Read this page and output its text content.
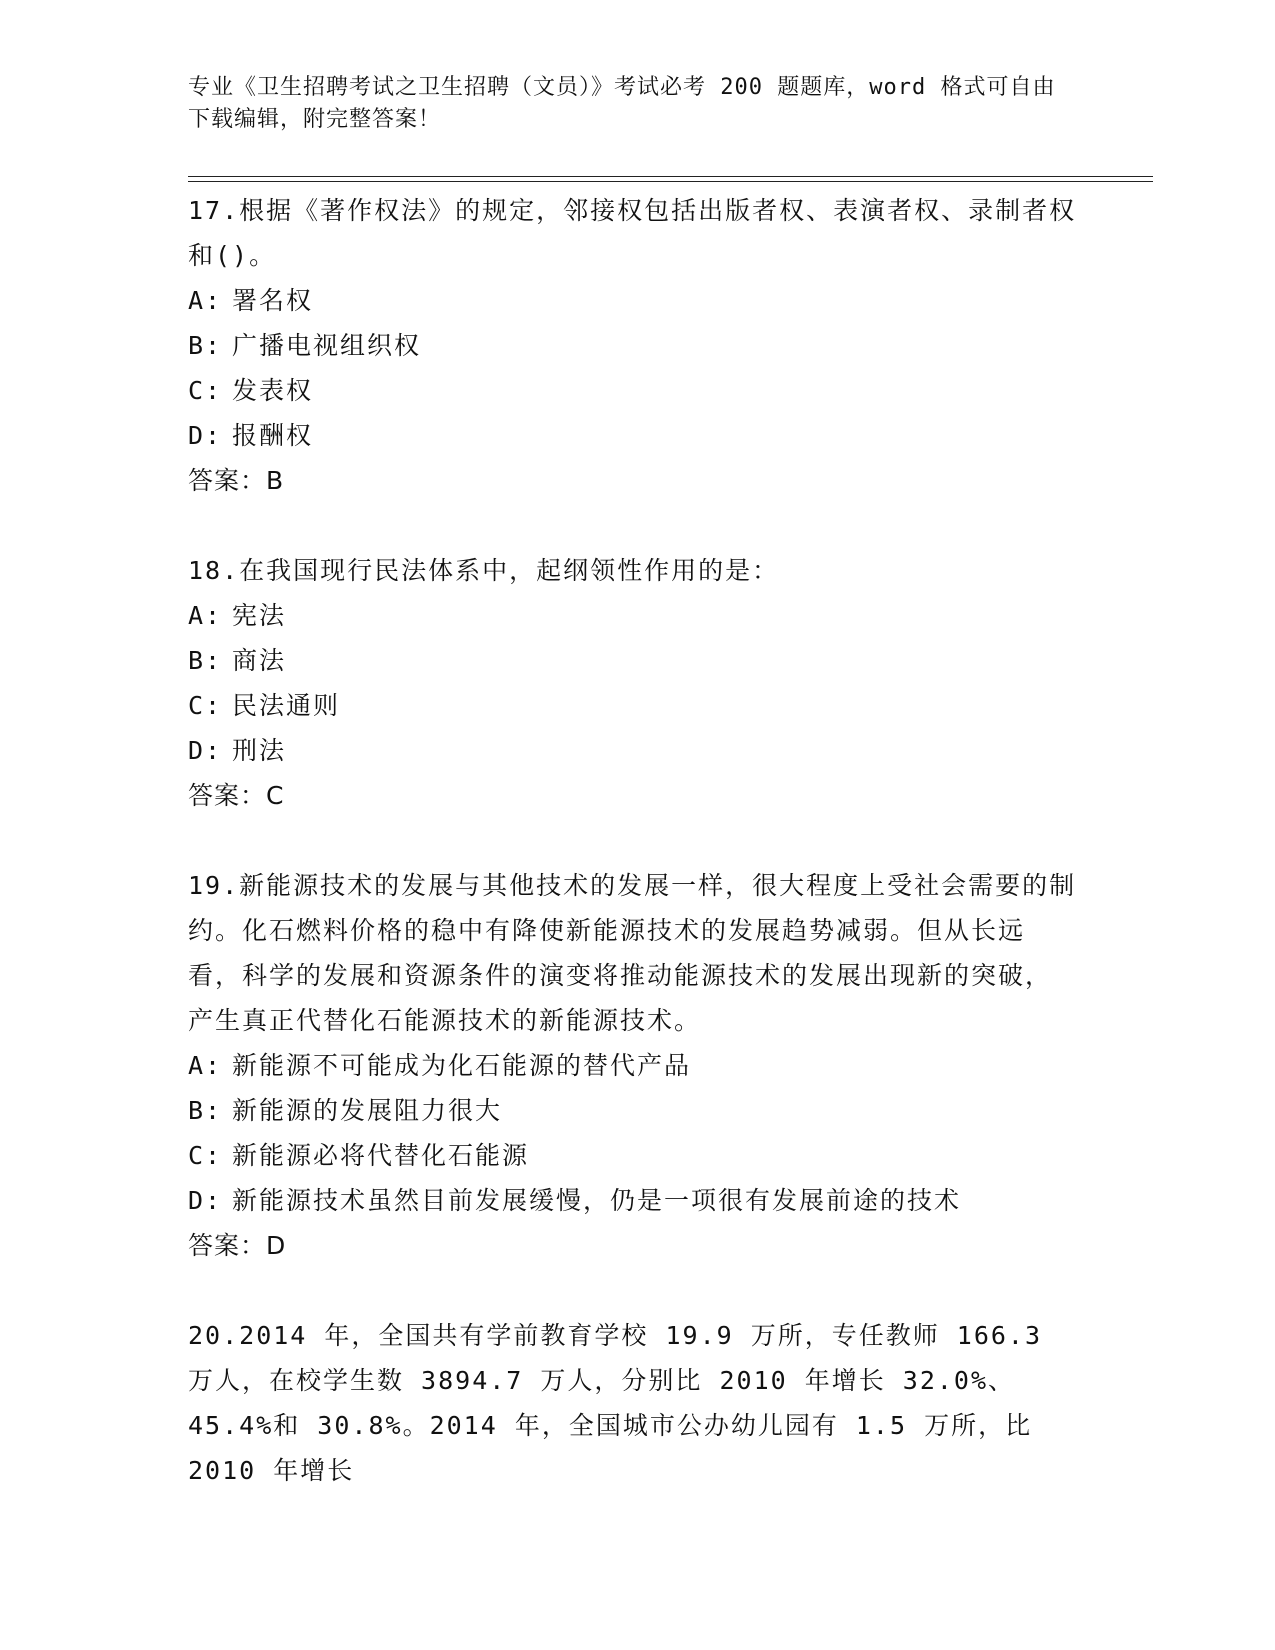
专业《卫生招聘考试之卫生招聘（文员）》考试必考 200 题题库，word 格式可自由下载编辑，附完整答案！
17.根据《著作权法》的规定，邻接权包括出版者权、表演者权、录制者权和()。
A: 署名权
B: 广播电视组织权
C: 发表权
D: 报酬权
答案：B
18.在我国现行民法体系中，起纲领性作用的是：
A: 宪法
B: 商法
C: 民法通则
D: 刑法
答案：C
19.新能源技术的发展与其他技术的发展一样，很大程度上受社会需要的制约。化石燃料价格的稳中有降使新能源技术的发展趋势减弱。但从长远看，科学的发展和资源条件的演变将推动能源技术的发展出现新的突破，产生真正代替化石能源技术的新能源技术。
A: 新能源不可能成为化石能源的替代产品
B: 新能源的发展阻力很大
C: 新能源必将代替化石能源
D: 新能源技术虽然目前发展缓慢，仍是一项很有发展前途的技术
答案：D
20.2014 年，全国共有学前教育学校 19.9 万所，专任教师 166.3 万人，在校学生数 3894.7 万人，分别比 2010 年增长 32.0%、45.4%和 30.8%。2014 年，全国城市公办幼儿园有 1.5 万所，比 2010 年增长
